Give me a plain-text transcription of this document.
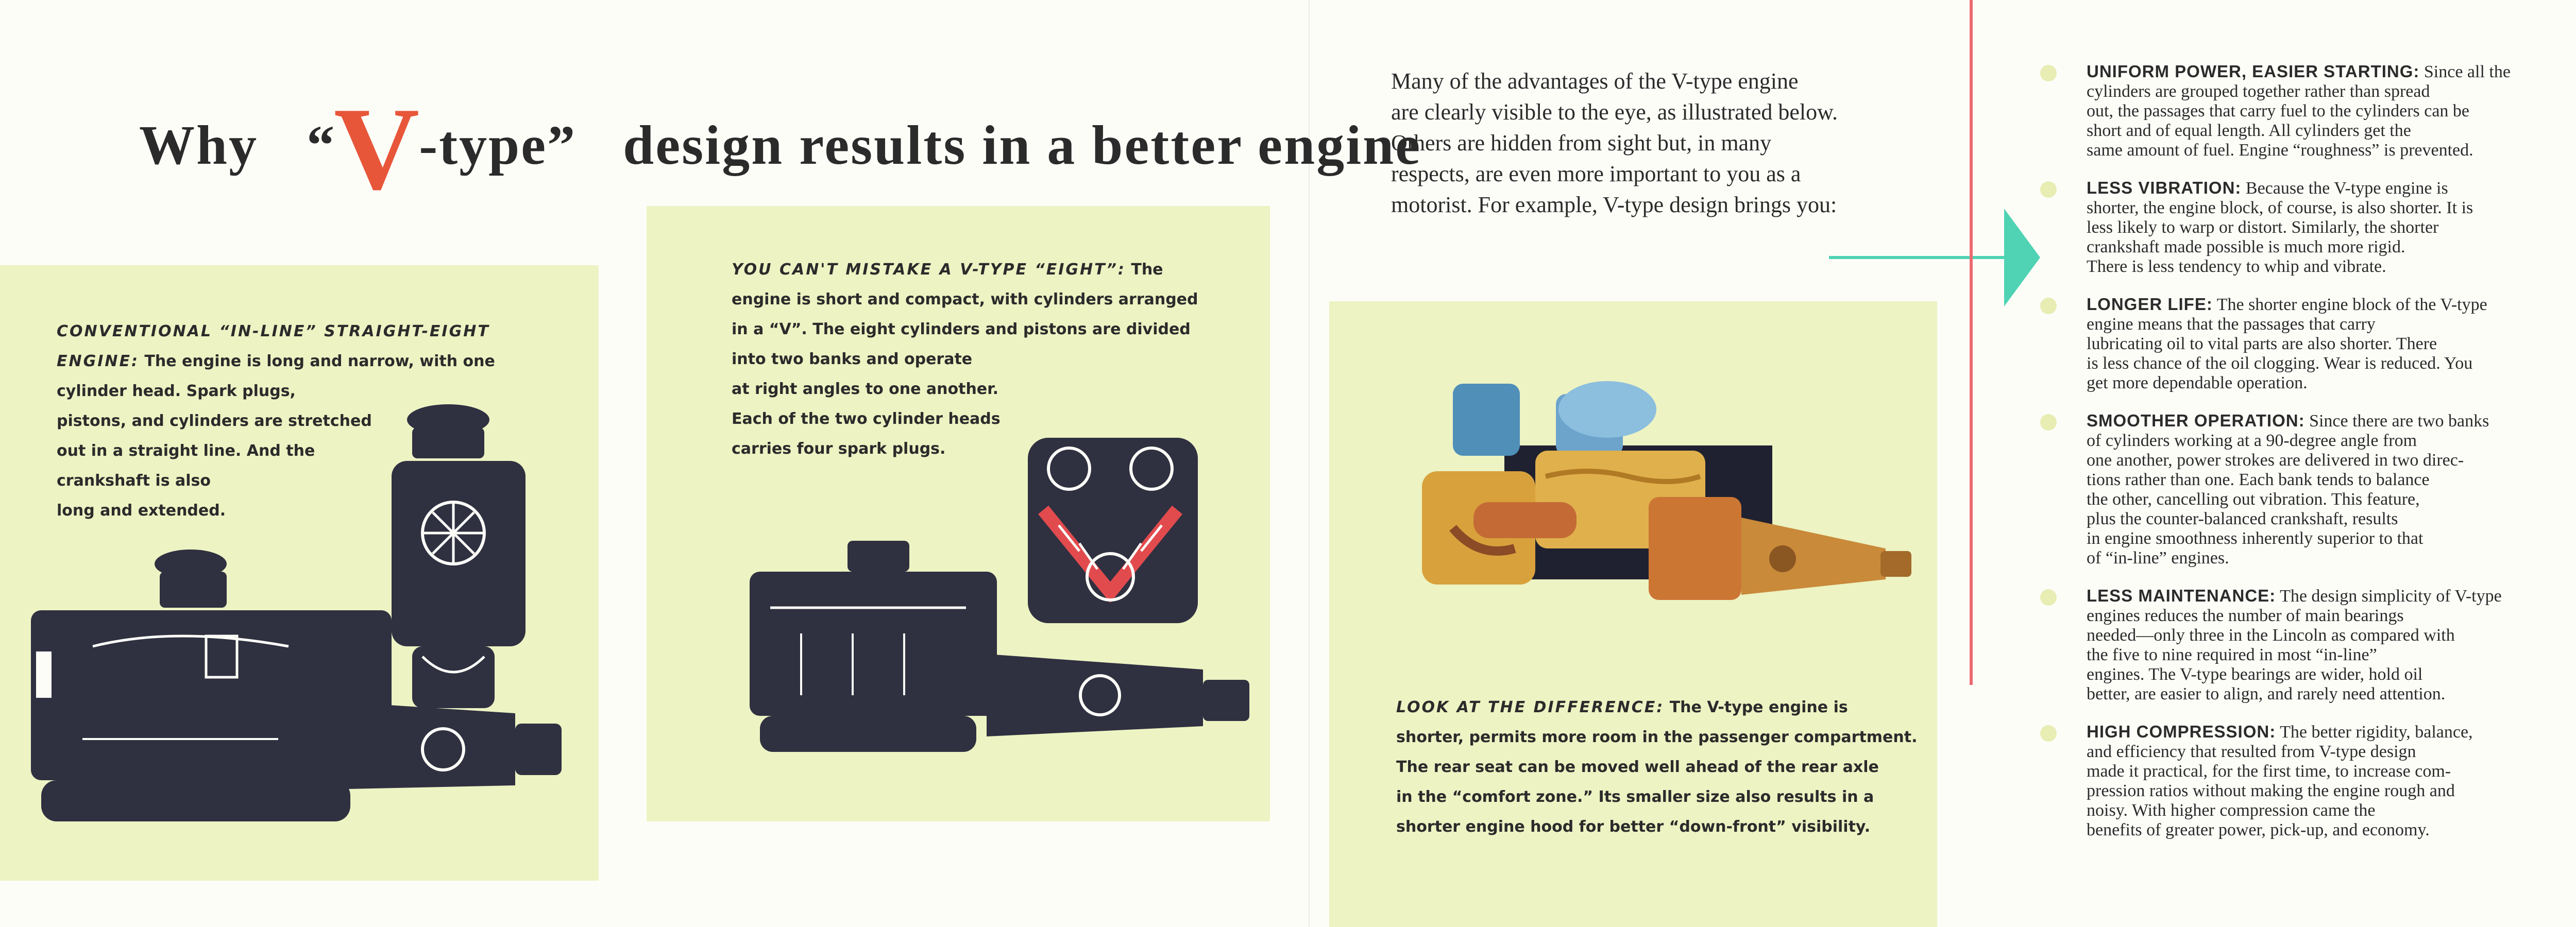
Why “V-type” design results in a better engine

CONVENTIONAL “IN-LINE” STRAIGHT-EIGHT ENGINE: The engine is long and narrow, with one

cylinder head. Spark plugs,

pistons, and cylinders are stretched

out in a straight line. And the

crankshaft is also

long and extended.

YOU CAN'T MISTAKE A V-TYPE “EIGHT”: The

engine is short and compact, with cylinders arranged

in a “V”. The eight cylinders and pistons are divided

into two banks and operate

at right angles to one another.

Each of the two cylinder heads

carries four spark plugs.

Many of the advantages of the V-type engine

are clearly visible to the eye, as illustrated below.

Others are hidden from sight but, in many

respects, are even more important to you as a

motorist. For example, V-type design brings you:

LOOK AT THE DIFFERENCE: The V-type engine is

shorter, permits more room in the passenger compartment.

The rear seat can be moved well ahead of the rear axle

in the “comfort zone.” Its smaller size also results in a

shorter engine hood for better “down-front” visibility.

UNIFORM POWER, EASIER STARTING: Since all the

cylinders are grouped together rather than spread

out, the passages that carry fuel to the cylinders can be

short and of equal length. All cylinders get the

same amount of fuel. Engine “roughness” is prevented.

LESS VIBRATION: Because the V-type engine is

shorter, the engine block, of course, is also shorter. It is

less likely to warp or distort. Similarly, the shorter

crankshaft made possible is much more rigid.

There is less tendency to whip and vibrate.

LONGER LIFE: The shorter engine block of the V-type

engine means that the passages that carry

lubricating oil to vital parts are also shorter. There

is less chance of the oil clogging. Wear is reduced. You

get more dependable operation.

SMOOTHER OPERATION: Since there are two banks

of cylinders working at a 90-degree angle from

one another, power strokes are delivered in two direc-

tions rather than one. Each bank tends to balance

the other, cancelling out vibration. This feature,

plus the counter-balanced crankshaft, results

in engine smoothness inherently superior to that

of “in-line” engines.

LESS MAINTENANCE: The design simplicity of V-type

engines reduces the number of main bearings

needed—only three in the Lincoln as compared with

the five to nine required in most “in-line”

engines. The V-type bearings are wider, hold oil

better, are easier to align, and rarely need attention.

HIGH COMPRESSION: The better rigidity, balance,

and efficiency that resulted from V-type design

made it practical, for the first time, to increase com-

pression ratios without making the engine rough and

noisy. With higher compression came the

benefits of greater power, pick-up, and economy.
